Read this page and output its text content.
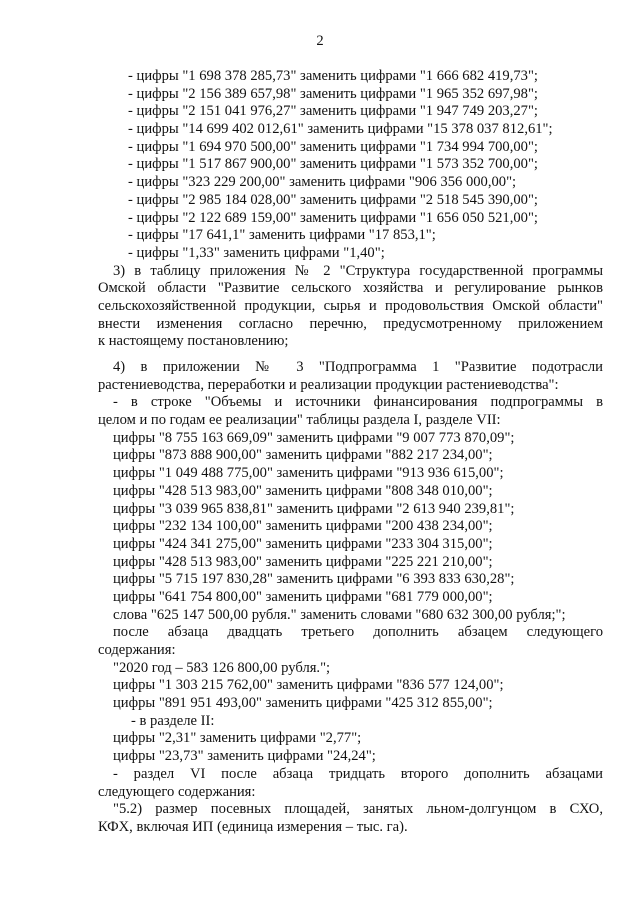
2
- цифры "1 698 378 285,73" заменить цифрами "1 666 682 419,73";
- цифры "2 156 389 657,98" заменить цифрами "1 965 352 697,98";
- цифры "2 151 041 976,27" заменить цифрами "1 947 749 203,27";
- цифры "14 699 402 012,61" заменить цифрами "15 378 037 812,61";
- цифры "1 694 970 500,00" заменить цифрами "1 734 994 700,00";
- цифры "1 517 867 900,00" заменить цифрами "1 573 352 700,00";
- цифры "323 229 200,00" заменить цифрами "906 356 000,00";
- цифры "2 985 184 028,00" заменить цифрами "2 518 545 390,00";
- цифры "2 122 689 159,00" заменить цифрами "1 656 050 521,00";
- цифры "17 641,1" заменить цифрами "17 853,1";
- цифры "1,33" заменить цифрами "1,40";
3) в таблицу приложения № 2 "Структура государственной программы
Омской области "Развитие сельского хозяйства и регулирование рынков
сельскохозяйственной продукции, сырья и продовольствия Омской области"
внести изменения согласно перечню, предусмотренному приложением
к настоящему постановлению;
4) в приложении № 3 "Подпрограмма 1 "Развитие подотрасли
растениеводства, переработки и реализации продукции растениеводства":
- в строке "Объемы и источники финансирования подпрограммы в
целом и по годам ее реализации" таблицы раздела I, разделе VII:
цифры "8 755 163 669,09" заменить цифрами "9 007 773 870,09";
цифры "873 888 900,00" заменить цифрами "882 217 234,00";
цифры "1 049 488 775,00" заменить цифрами "913 936 615,00";
цифры "428 513 983,00" заменить цифрами "808 348 010,00";
цифры "3 039 965 838,81" заменить цифрами "2 613 940 239,81";
цифры "232 134 100,00" заменить цифрами "200 438 234,00";
цифры "424 341 275,00" заменить цифрами "233 304 315,00";
цифры "428 513 983,00" заменить цифрами "225 221 210,00";
цифры "5 715 197 830,28" заменить цифрами "6 393 833 630,28";
цифры "641 754 800,00" заменить цифрами "681 779 000,00";
слова "625 147 500,00 рубля." заменить словами "680 632 300,00 рубля;";
после абзаца двадцать третьего дополнить абзацем следующего
содержания:
"2020 год – 583 126 800,00 рубля.";
цифры "1 303 215 762,00" заменить цифрами "836 577 124,00";
цифры "891 951 493,00" заменить цифрами "425 312 855,00";
- в разделе II:
цифры "2,31" заменить цифрами "2,77";
цифры "23,73" заменить цифрами "24,24";
- раздел VI после абзаца тридцать второго дополнить абзацами
следующего содержания:
"5.2) размер посевных площадей, занятых льном-долгунцом в СХО,
КФХ, включая ИП (единица измерения – тыс. га).
